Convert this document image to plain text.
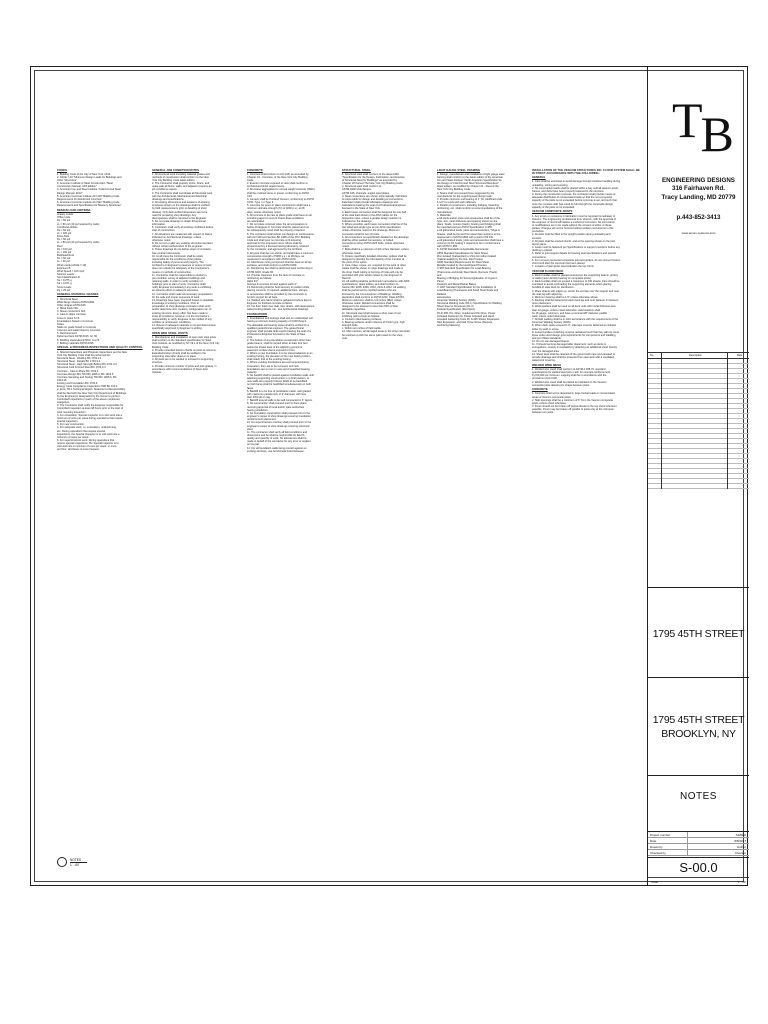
CODES
1. Building Code of the City of New York, 2014
2. ASCE 7-10 "Minimum Design Loads for Buildings and
Other Structures"
3. American Institute of Steel Construction "Steel
Construction Manual, 14th Edition"
4. American Iron and Steel Institute "Cold-Formed Steel
Design Manual, 2012"
5. American Concrete Institute ACI 318 "Building Code
Requirements for Reinforced Concrete"
6. American Concrete Institute ACI 530 "Building Code
Requirements and Specification for Masonry Structures"
DESIGN LOAD CRITERIA
Gravity Loads:
Office Units
DL = 60 psf
LL = 50 psf (40 psf required by code)
Corridors/Lobbies
DL = 60 psf
LL = 100 psf
Drive Aisle
DL = 60 psf
LL = 80 psf (40 psf required by code)
Roof
DL = 100 psf
LL = 100 psf
Bulkhead Roof
DL = 60 psf
LL = 30 psf
Wind Loads (ASCE 7-10)
Exposure B
Wind Speed = 100 mph
Seismic Loads
Soil Classification D
Ss = 0.275 g
S1 = 0.071 g
Snow Loads
Pg = 25 psf
GENERAL MATERIAL GRADES
1. Structural Steel
Wide flange shapes ASTM A992
Other shapes ASTM A36
2. Metal Deck N/A
3. Shear connectors N/A
4. Cast-in-place concrete
Grout in pipes f'c=5
Foundations Noted in Concrete
Notes
Slabs on grade Noted in Concrete
Columns and walls Noted in Concrete
5. Reinforcement
Deformed bars ASTM A615, Gr. 60
6. Welding electrodes E70XX, LH-70
7. Bolting materials ASTM A325
SPECIAL & PROGRESS INSPECTIONS AND QUALITY CONTROL
1. Special Inspections and Progress Inspections per the New
York City Building Code shall be performed for:
Structural Steel - Welding BC 1704.3.1
Structural Steel - Details BC 1704.3.2
Structural Steel - High Strength Bolting BC 1704.3.3
Structural Cold Formed Steel BC 1704.3.4
Concrete - Cast-in-Place BC 1704.4
Concrete Design Mix TR3 BC 1905.3, BC 1913.5
Concrete Sampling and Testing TR3 BC 1905.6, BC
1913.10
Footing and Foundation BC 1704.9
Energy Code Compliance Inspections TR8 BC 110.3
2. Form TR-1 Technical Report: Statement of Responsibility
shall be filed with the New York City Department of Buildings
by the Engineer(s) designated by the Owner to perform
Controlled Inspections in each of the above mentioned
categories.
3. The Contractor shall notify the Engineer responsible for
Controlled Inspection at least 48 hours prior to the start of
work requiring inspection.
4. For excavation, Special Inspector is to visit work site a
minimum of once per week during operations that require
special inspection.
5. For new construction:
a. For subgrade work, i.e. excavation, underpinning,
etc. During operations that require special
inspections, the Special Inspector is to visit work site a
minimum of twice per week.
b. For superstructure work: During operations that
require special inspections, the Special Inspector is to
visit work site a minimum of once per week, or once
per floor, whichever is more frequent.
GENERAL JOB CONDITION NOTES
1. All structural work including material grades and
methods of construction shall conform to the New
York City Building Code latest edition.
2. The Contractor shall properly shore, brace, and
make safe all floors, walls, and adjacent property as
job conditions require.
3. The Contractor shall coordinate all Structural work
with the Architectural, Mechanical and Electrical
drawings and specifications.
4. All existing dimensions and locations of existing
structures shown on the drawings shall be verified
by field measurements prior to detailing of shop
drawing. Only field-verified dimensions are to be
used for preparing shop drawings. Any
discrepancies shall be reported to the Engineer.
5. Do not scale drawings to obtain dimensional
information.
6. Contractor shall verify all existing conditions before
start of construction.
7. All elevations are measured with respect to datum
indicated on Architectural drawings, unless
otherwise noted.
8. Do not cut or alter any existing structural members
without written authorization of the engineer.
9. These drawings do not define scope of contracts.
See contract documents.
10. At all times the Contractor shall be solely
responsible for the conditions of the jobsite
including safety of persons and property. The
Architect's or Engineer's presence or review of work
does not include the adequacy of the Contractor's
means or methods of construction.
11. Contractor shall be responsible to conduct a
pre-condition survey of adjacent buildings and
retaining walls, in order to verify condition of
buildings prior to start of work. Contractor shall
notify Engineer immediately if any work is exhibiting
an adverse effect on adjacent structures.
12. Contractor shall make all necessary preparations
for the safe and proper sequence of work.
13. Drawings have been prepared based on available
knowledge of existing conditions. Prior to
preparation of shop drawings contractor shall verify
and/or determine size, location, configuration etc. of
existing structure. Every effort has been made to
show all conditions; however, it is the Contractor's
responsibility to verify. Engineer to be notified of any
conflicts or unforeseen conditions.
14. Reuse of salvaged materials is not permitted unless
specifically approved by Engineer in writing.
OPEN WEB STEEL JOISTS
1. Manufacturer and installation of open web steel joists
shall conform to the Standard specification for Steel
Joist Institute, as modified by NY 19.1 of the New York City
Building Code.
2. Provide extended bottom chords on joists at columns.
Extended bottom chords shall be welded to the
supporting steel after dead-on is place.
3. All joists are to be welded or screwed to supporting
structure.
4. Provide minimum number of joists and joist girders, in
accordance with recommendations of Steel Joist
Institute.
CONCRETE
1. Concrete shall conform to ACI 318, as amended by
Chapter 19 - Concrete, of the New York City Building
Code.
2. Exterior concrete exposed to view shall conform to
Architectural finish requirements.
3. All coarse aggregates for normal weight concrete (NWC)
shall be crushed stone or gravel, conforming to ASTM
C33.
4. Cement shall be Portland Cement, conforming to ASTM
C150, Type I or Type II.
5. Concrete for pours in place construction shall have a
minimum ultimate strength (f'c) of 4000 p.s.i. at 28
days, unless otherwise noted.
6. All concrete to be cast at place grade shall have an air
entraining agent to ensure freeze-thaw conditions
are anticipated.
7. Do not place concrete when the air temperature is
below 40 degrees F. Concrete shall be placed and not
be subsequently cured shall be properly protected.
8. The contractor shall submit mix designs in conformance
with ACI 318 and Section BC 1905 of the NYC Building
Code and shall pour no concrete until receiving
approval for the proposed mixes. Mixes shall be
proportioned by a licensed testing laboratory, retained
by the contractor, and approved by the Architect.
9. All grout shall be non-shrink, and shall have a minimum
compressive strength of 5000 p.s.i. at 28 days, as
measured in accordance with ASTM C109.
10. Membrane curing compound shall be used on all top
surfaces, and shall conform to ASTM C309.
11. Reinforcing bar shall be deformed steel conforming to
ASTM A615, Grade 60.
12. Provide clearance from the face of concrete to
reinforcing as follows:
slabs 3/4"
footings & concrete formed against earth 3"
13. Reinforcing shall be held securely in position while
placing concrete. If required, additional bars, stirrups,
or accessories shall be provided by the contractor to
furnish support for all bars.
14. Welded wire fabric shall be galvanized where kept to
Engineer for finished concrete surfaces.
15. For floor finish over slab, floor drains, slab depressions,
waterproofing details, etc., see Architectural drawings.
FOUNDATIONS
1. Foundations and footings shall rest on undisturbed soil
having a minimum bearing capacity of 4,000 lb/sq ft.
The allowable soil bearing stress shall be verified by a
qualified geotechnical engineer. The geotechnical
engineer shall provide field reports bearing the seal of a
Professional Engineer licensed in the State of New
York.
2. The bottom of any foundation construction other than
grade beams, shall be carried down at least four feet
below the lowest level of the adjoining ground or
pavement surface that is exposed to frost.
3. Where a new foundation is to be placed adjacent to an
existing footing, the elevation of the new footing bottom
shall match that of the existing footing.
4. Where existing foundations are encountered during
excavation, they are to be removed, and new
foundations are to rest on new soil of specified bearing
capacity.
5. No backfill shall be placed against foundation walls until
adjoining supporting construction is in final position, or
new walls are properly braced. Walls to be backfilled
on both faces shall be backfilled simultaneously on both
faces.
6. Backfill is to be free of perishable matter, well graded,
with maximum particle size of 3" diameter, with less
than 10% silt or clay.
7. Backfill around walls to be well compacted in 6" layers.
8. No construction shall proceed prior to there plans
receiving approval of local and/or state authorities
having jurisdiction.
9. No foundation construction shall proceed prior to the
engineer's review of shop drawings covering foundation
reinforcement placement.
10. No superstructure erection shall proceed prior to the
engineer's review of shop drawings covering structural
steel.
11. The contractor shall verify all field conditions and
dimensions and he shall be responsible for field fit,
quality and quantity of work. No allowances shall be
made in behalf of the contractor for any error or neglect
on his part.
12. For all foundation walls being poured against an
existing structure, use bond-break board between.
STRUCTURAL STEEL
1. Structural steel shall conform to the latest AISC
"Specification for the Design, Fabrication, and Erection
of Structural Steel for Buildings" as amended by
Chapter 22 thereof The New York City Building Code.
2. Structural steel shall conform to:
ASTM A992 wide flanges,
ASTM A36, channels, angles steel plates.
3. Steel connections are shown schematically. Fabricator
is responsible for design and detailing of connections.
Fabricator shall provide fabrication drawings and
calculations bearing the seal of a Professional Engineer
licensed in the State of New York.
4. Each beam connection shall be designed for one-half
of the total load shown in the AISC tables for the
respective span, unless a greater design reaction is
indicated on the drawings.
5. Where possible, each beam connection shall be of the
two sided web angle type as per AISC specification,
unless otherwise noted on the drawings. Minimum
connection shall be two (2) bolts.
6. All connections not specifically detailed on the drawings
shall be either welded connections, or bolted
connections using ASTM A325 bolts, unless otherwise
noted.
7. Bolts shall be a minimum of 3/4 inches diameter, unless
otherwise noted.
8. Unless specifically detailed otherwise, splices shall be
designed to develop the full capacity of the member at
the point of the splice.
9. Cuts, holes, copes, etc. required for the work of other
trades shall be shown on shop drawings and made in
the shop. Field cutting or burning of holes will only be
permitted with prior written notice by the Engineer of
Record.
10. All welding shall be performed in accordance with AWS
specifications, latest edition, and shall conform to
Section BC 2208, 2209, 2210, 2211 & 2212. All welding
shall be performed by certified welders who are
licensed by the Commissioner of Buildings. Welding
electrodes shall conform to ASTM A233, Class E70XX.
Minimum weld size shall be 1/4 inches (fillet) unless
otherwise noted. Welded connections shall be
designed to be stressed to less than 50% of their
allowable capacities.
11. Structural steel shall receive a shop coat of rust
inhibiting paint except as follows:
a. Contact milled bearing surfaces.
b. Bearing surfaces under columns of frictior type, high
strength bolts.
c. Within two inches of field welds.
12. After erection, all damaged areas in the shop coat shall
be touched up with the same paint used for the shop
coat.
LIGHT GAUGE STEEL FRAMING
1. Design, manufacture and installation of light gauge steel
framing shall conform to the latest edition of the American
Iron and Steel Institute "North American Specification for
the Design of Cold Formed Steel Structural Members"
latest edition, as modified by Chapter 22 - Steel of the
New York City Building Code.
2. Spans shall not exceed those suggested by the
manufacturer for the superimposed design load.
3. Provide minimum end bearing of 1" for cold/fixed ends,
1-1/2" for ends with web stiffeners.
4. Details of construction, including bridging, fastening,
reinforcing, etc. shall conform to recommendations of the
manufacturer.
5. Materials:
● All studs and/or joists and accessories shall be of the
type, size, steel thickness and spacing shown on the
plans. Studs, runners (track), bracing and bridging shall
be manufactured per ASTM Specification C-955.
● All galvanized studs, joists and accessories, "16ga or
heavier, shall be formed from steel that conforms to the
requirement of ASTM A653 with a yield of 50 KSI.
● All galvanized studs, joists and accessories shall have a
minimum G-60 coating if required to be in conformance
with ASTM C 955.
6. ASTM Standards & Applicable Documents:
A653 Standard Specification for Steel Sheet,
Zinc-Coated (Galvanized) or Zinc-Iron Alloy-Coated
(Galvannealed) by the Hot- Dip Process
A000 Standard Requirements for Steel Sheet,
Metallic-Coated by the Hot-Dipped Process
C 955 Standard Specification for Load-Bearing
(Transverse and Axial) Steel Studs, Runners (Track),
and
Bracing or Bridging for Screw Application of Gypsum
Panel
Products and Metal Plaster Bases
C 1007 Standard Specification for the Installation of
Load-Bearing (Transverse and Axial) Steel Studs and
Related
Accessories
American Welding Society (AWS)
Structural Welding code (D1.1) Specification for Welding
Sheet Steel in Structures (D1.3)
Federal Specification (Red Spec)
FF-P-395, Pin, Drive, Guided and Pin Drive. Power
Actuated Fasteners for Power Actuated and Hand
Actuated Fastening Tools FF-S-325 Shield, Expansion;
Nail, Expansion; and Nail, Drive Screw (Devices,
Anchoring Masonry)
INSTALLATION OF THE VESCOM STRUCTURES INC. FLOOR SYSTEM SHALL BE IN STRICT ACCORDANCE WITH THE FOLLOWING:
GENERAL
1. Care shall be exercised to avoid damage through careless handling during
unloading, storing and erecting.
2. No construction loads shall be placed within a bay until all Hescom joists,
frames, and deck have been properly fastened to the structure.
3. During the construction process, the contractor shall provide means of
adequate distribution of concentrated loads so that the non-composite
capacity of the joists is not exceeded before concrete is set, and such that
once the concrete slab has cured its full strength the composite design
capacity of the joists is not exceeded.
VESCOM COMPOSITE JOISTS
1. Any errors or omissions in fabrication must be reported immediately to
Vescom. The engineering professional from Vescom, with the approval of
the engineer of record will advise a method of correction. No corrections
or modifications are to be made without the consent of either of these
parties; changes will not be honored without written concurrence in this
procedure.
2. All joists shall be lifted in the upright position during unloading and
erection.
3. All joists shall be erected plumb, and at the spacing shown on the joist
layout plans.
4. Joists must be fastened per Specifications to support members before any
decking is placed.
5. Refer to joist support details for bearing seat specifications and special
connections.
6. For moment connected composite joist and girders, do not connect bottom
chord until after the concrete has been placed.
7. Location of joist girder steel indicates the top chord.
VESCOM FLOOR DECK
1. Deck bundles shall be placed centered on the supporting beams, girders
or walls (never directly bearing on composite joists).
2. Deck bundles shall not exceed a maximum of 100 sheets. Care should be
exercised to avoid overloading the supporting elements when placing
bundles of steel deck for distribution.
3. Place sheets with edges up, center the end lap over the support and nest
the side lap with adjoining.
4. Minimum bearing shall be 1.5" unless otherwise shown.
5. Decking shall be fastened at each deck lap and over fastener in between
upon placement.
6. Weld washers shall be used on all deck units with metal thickness less
than 22-gauge, unless noted otherwise; weld washers shall
be 16 gauge, minimum, and have a nominal 3/8" diameter puddle
weld, unless noted otherwise.
7. All field welding shall be in strict accordance with the requirements of the
American Welding Society (AWS).
8. When deck spans exceed 9'-0", side laps must be fastened at midspan
either by weld or screw.
9. Loose bundles of decking must be restrained such that they will not come
loose under wind design gust requirements for components and cladding,
and per OSHA standards.
10. Do not use damaged sheets.
11. If sheets become damaged after placement, such as dents in
corrugations, remedy immediately by attaching an additional sheet directly
over the damaged area.
12. Sheet deck shall be cleaned off the ground with care and elevated to
provide drainage and shall be protected from elements with a ventilated
waterproof covering.
WELDED WIRE MESH
1. Welded wire mesh shall conform to ASTM A 185-70, standard
specifications for welded steel wire mesh for concrete reinforcement,
Fy=60,000 psi minimum. Lapping shall be in accordance with the
provisions of ACI 318.
2. Welded wire mesh shall be placed as indicated on the Vescom
composite joists allowing for shape between joists.
CONCRETE
1. Concrete shall not be deposited in large bucket loads or concentrated
areas of Vescom composite joists.
2. Slab openings shall be a minimum of 6" from the Vescom composite
joists, unless noted otherwise.
3. Pours should not be broken off perpendicular to the top chord wherever
possible. Pours may be broken off parallel to joists only at the mid-span
between two joists.
NOTES
1' - 60'
TB
ENGINEERING DESIGNS
316 Fairhaven Rd.
Tracy Landing, MD 20779
p.443-852-3413
www.tecom-systems.com
No.	Description	Date
1795 45TH STREET
1795 45TH STREET
BROOKLYN, NY
NOTES
Project number	S18000
Date	8/8/2017
Drawn by	Author
Checked by	Checker
S-00.0
Scale	1' - 60'
